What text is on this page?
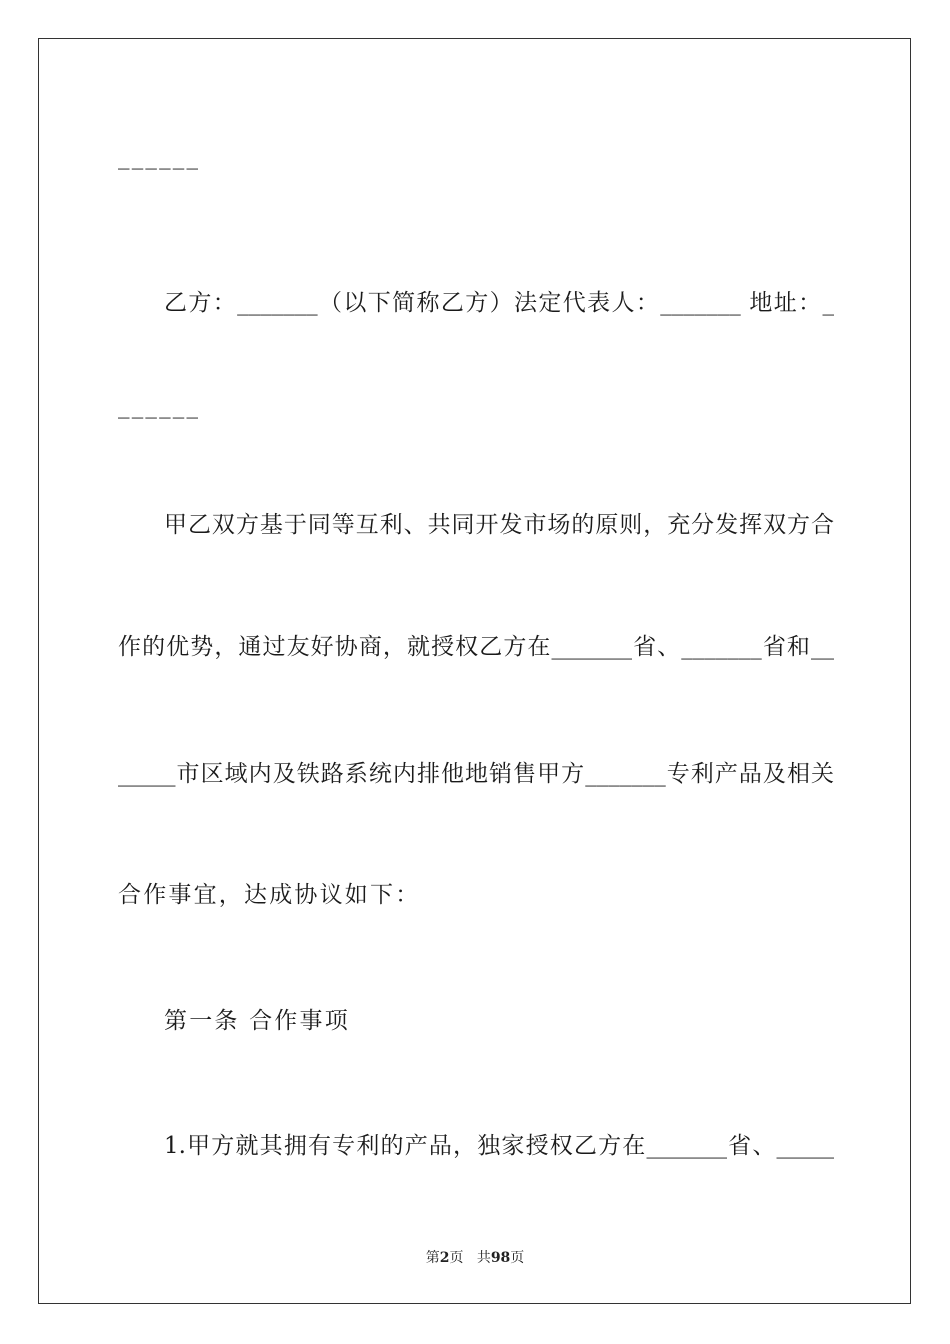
______
乙方：_______（以下简称乙方）法定代表人：_______ 地址：_
______
甲乙双方基于同等互利、共同开发市场的原则，充分发挥双方合
作的优势，通过友好协商，就授权乙方在_______省、_______省和__
_____市区域内及铁路系统内排他地销售甲方_______专利产品及相关
合作事宜，达成协议如下：
第一条 合作事项
1.甲方就其拥有专利的产品，独家授权乙方在_______省、_____
第2页 共98页
